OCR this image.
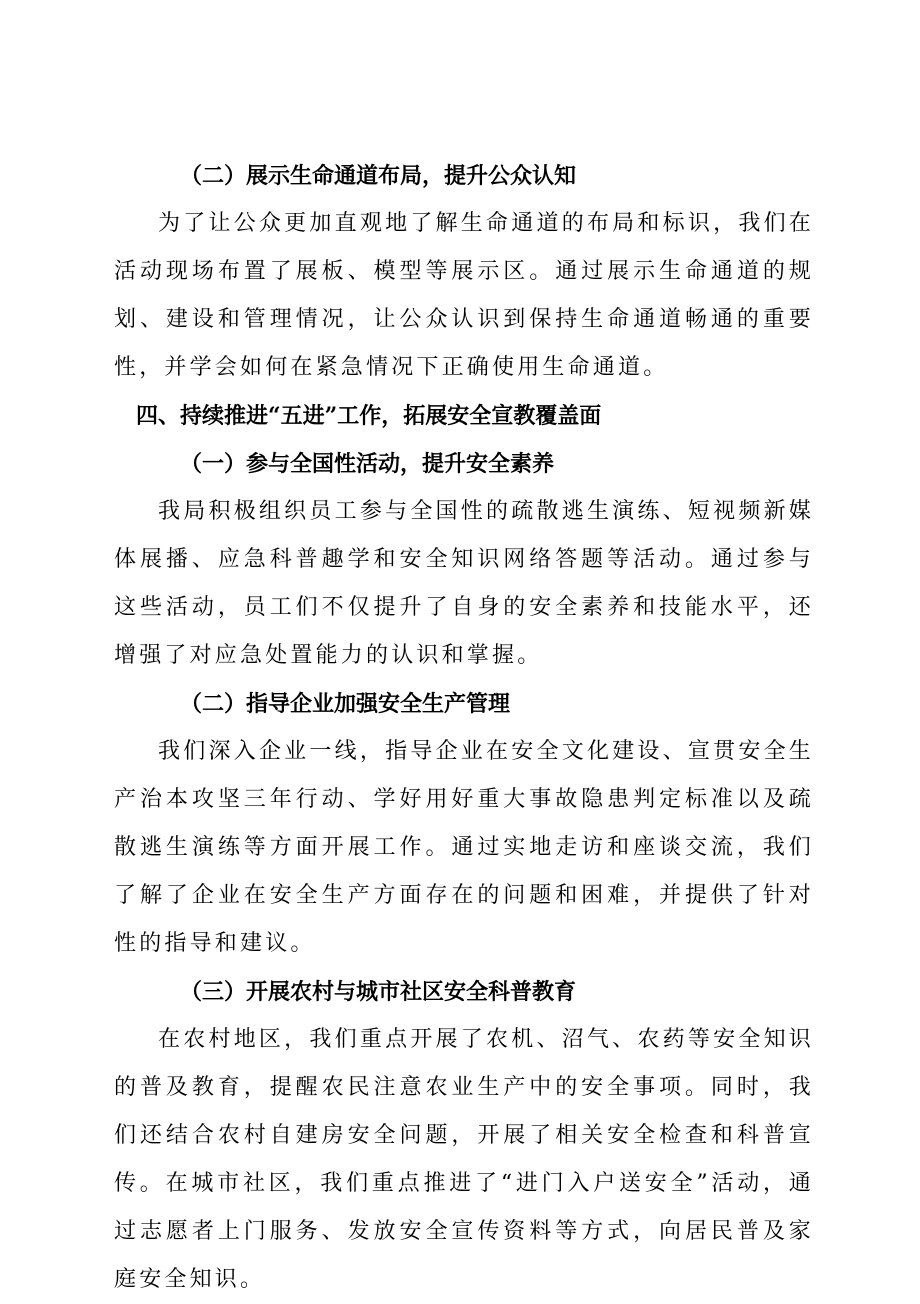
（二）展示生命通道布局，提升公众认知

为了让公众更加直观地了解生命通道的布局和标识，我们在活动现场布置了展板、模型等展示区。通过展示生命通道的规划、建设和管理情况，让公众认识到保持生命通道畅通的重要性，并学会如何在紧急情况下正确使用生命通道。

四、持续推进“五进”工作，拓展安全宣教覆盖面
（一）参与全国性活动，提升安全素养

我局积极组织员工参与全国性的疏散逃生演练、短视频新媒体展播、应急科普趣学和安全知识网络答题等活动。通过参与这些活动，员工们不仅提升了自身的安全素养和技能水平，还增强了对应急处置能力的认识和掌握。

（二）指导企业加强安全生产管理

我们深入企业一线，指导企业在安全文化建设、宣贯安全生产治本攻坚三年行动、学好用好重大事故隐患判定标准以及疏散逃生演练等方面开展工作。通过实地走访和座谈交流，我们了解了企业在安全生产方面存在的问题和困难，并提供了针对性的指导和建议。

（三）开展农村与城市社区安全科普教育

在农村地区，我们重点开展了农机、沼气、农药等安全知识的普及教育，提醒农民注意农业生产中的安全事项。同时，我们还结合农村自建房安全问题，开展了相关安全检查和科普宣传。在城市社区，我们重点推进了“进门入户送安全”活动，通过志愿者上门服务、发放安全宣传资料等方式，向居民普及家庭安全知识。
